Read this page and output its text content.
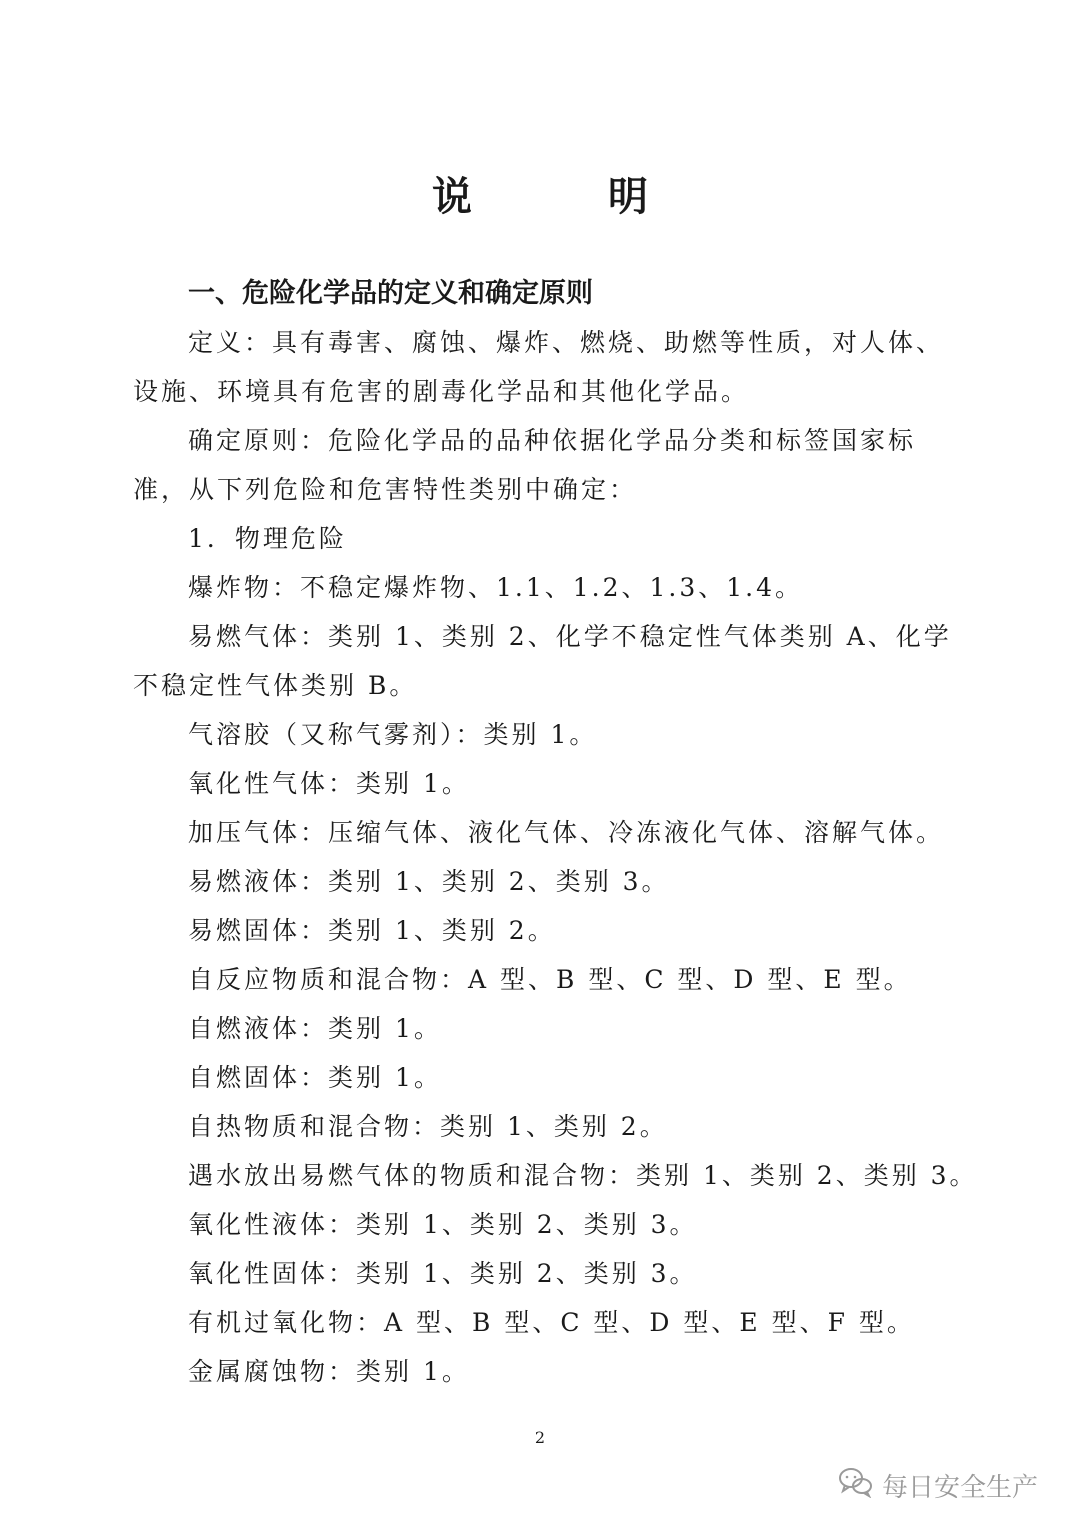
说　明
一、危险化学品的定义和确定原则

定义：具有毒害、腐蚀、爆炸、燃烧、助燃等性质，对人体、
设施、环境具有危害的剧毒化学品和其他化学品。

确定原则：危险化学品的品种依据化学品分类和标签国家标
准，从下列危险和危害特性类别中确定：

1．物理危险

爆炸物：不稳定爆炸物、1.1、1.2、1.3、1.4。

易燃气体：类别 1、类别 2、化学不稳定性气体类别 A、化学
不稳定性气体类别 B。

气溶胶（又称气雾剂）：类别 1。

氧化性气体：类别 1。

加压气体：压缩气体、液化气体、冷冻液化气体、溶解气体。

易燃液体：类别 1、类别 2、类别 3。

易燃固体：类别 1、类别 2。

自反应物质和混合物：A 型、B 型、C 型、D 型、E 型。

自燃液体：类别 1。

自燃固体：类别 1。

自热物质和混合物：类别 1、类别 2。

遇水放出易燃气体的物质和混合物：类别 1、类别 2、类别 3。

氧化性液体：类别 1、类别 2、类别 3。

氧化性固体：类别 1、类别 2、类别 3。

有机过氧化物：A 型、B 型、C 型、D 型、E 型、F 型。

金属腐蚀物：类别 1。

2
每日安全生产
